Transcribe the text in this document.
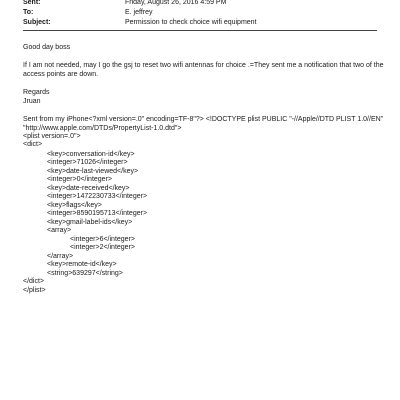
Sent:	Friday, August 26, 2016 4:59 PM
To:	E. jeffrey
Subject:	Permission to check choice wifi equipment
Good day boss
If I am not needed, may I go the gsj to reset two wifi antennas for choice .=They sent me a notification that two of the
access points are down.
Regards
Jruan
Sent from my iPhone<?xml version=.0" encoding=TF-8"?> <!DOCTYPE plist PUBLIC "-//Apple//DTD PLIST 1.0//EN"
"http://www.apple.com/DTDs/PropertyList-1.0.dtd">
<plist version=.0">
<dict>
<key>conversation-id</key>
<integer>71026</integer>
<key>date-last-viewed</key>
<integer>0</integer>
<key>date-received</key>
<integer>1472230733</integer>
<key>flags</key>
<integer>8590195713</integer>
<key>gmail-label-ids</key>
<array>
<integer>6</integer>
<integer>2</integer>
</array>
<key>remote-id</key>
<string>639297</string>
</dict>
</plist>
